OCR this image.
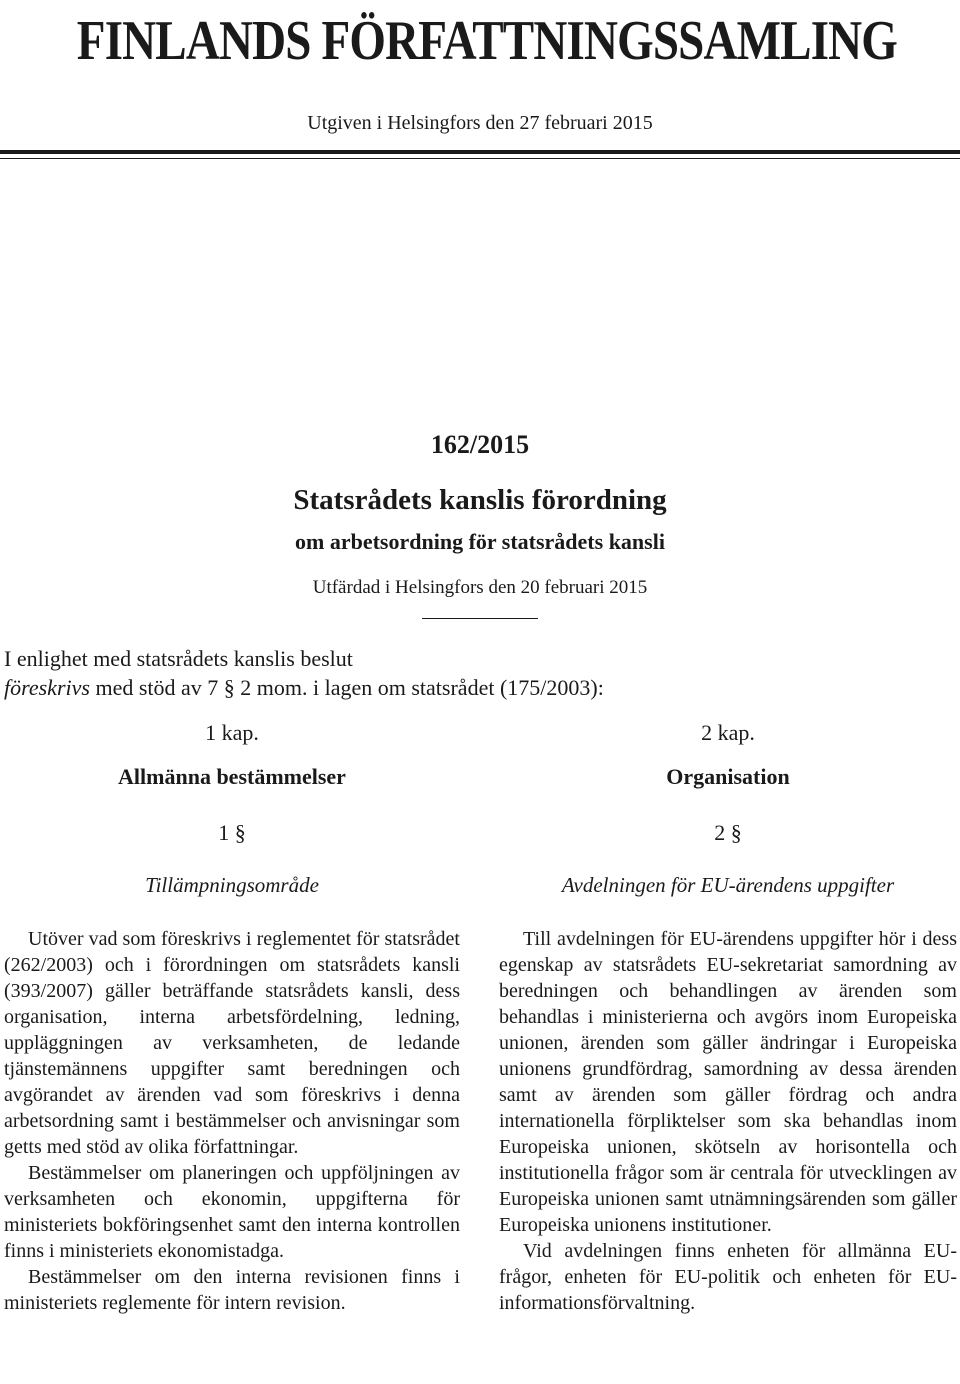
FINLANDS FÖRFATTNINGSSAMLING
Utgiven i Helsingfors den 27 februari 2015
162/2015
Statsrådets kanslis förordning
om arbetsordning för statsrådets kansli
Utfärdad i Helsingfors den 20 februari 2015
I enlighet med statsrådets kanslis beslut
föreskrivs med stöd av 7 § 2 mom. i lagen om statsrådet (175/2003):
1 kap.
Allmänna bestämmelser
1 §
Tillämpningsområde

Utöver vad som föreskrivs i reglementet för statsrådet (262/2003) och i förordningen om statsrådets kansli (393/2007) gäller beträffande statsrådets kansli, dess organisation, interna arbetsfördelning, ledning, uppläggningen av verksamheten, de ledande tjänstemännens uppgifter samt beredningen och avgörandet av ärenden vad som föreskrivs i denna arbetsordning samt i bestämmelser och anvisningar som getts med stöd av olika författningar.

Bestämmelser om planeringen och uppföljningen av verksamheten och ekonomin, uppgifterna för ministeriets bokföringsenhet samt den interna kontrollen finns i ministeriets ekonomistadga.

Bestämmelser om den interna revisionen finns i ministeriets reglemente för intern revision.

2 kap.
Organisation
2 §
Avdelningen för EU-ärendens uppgifter

Till avdelningen för EU-ärendens uppgifter hör i dess egenskap av statsrådets EU-sekretariat samordning av beredningen och behandlingen av ärenden som behandlas i ministerierna och avgörs inom Europeiska unionen, ärenden som gäller ändringar i Europeiska unionens grundfördrag, samordning av dessa ärenden samt av ärenden som gäller fördrag och andra internationella förpliktelser som ska behandlas inom Europeiska unionen, skötseln av horisontella och institutionella frågor som är centrala för utvecklingen av Europeiska unionen samt utnämningsärenden som gäller Europeiska unionens institutioner.

Vid avdelningen finns enheten för allmänna EU-frågor, enheten för EU-politik och enheten för EU-informationsförvaltning.
